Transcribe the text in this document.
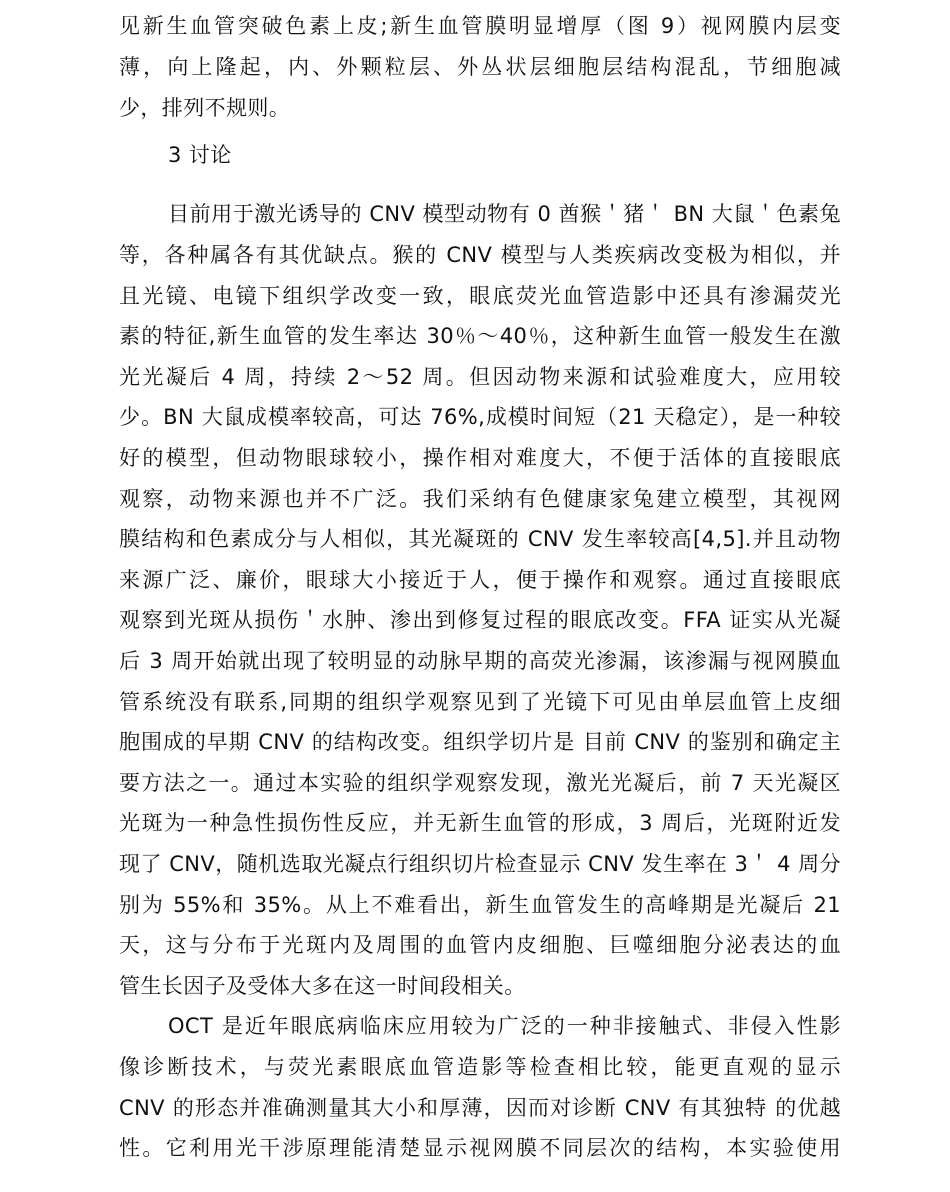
见新生血管突破色素上皮;新生血管膜明显增厚（图 9）视网膜内层变
薄，向上隆起，内、外颗粒层、外丛状层细胞层结构混乱，节细胞减
少，排列不规则。
3 讨论
目前用于激光诱导的 CNV 模型动物有 0 酋猴＇猪＇ BN 大鼠＇色素兔
等，各种属各有其优缺点。猴的 CNV 模型与人类疾病改变极为相似，并
且光镜、电镜下组织学改变一致，眼底荧光血管造影中还具有渗漏荧光
素的特征,新生血管的发生率达 30％〜40％，这种新生血管一般发生在激
光光凝后 4 周，持续 2〜52 周。但因动物来源和试验难度大，应用较
少。BN 大鼠成模率较高，可达 76%,成模时间短（21 天稳定），是一种较
好的模型，但动物眼球较小，操作相对难度大，不便于活体的直接眼底
观察，动物来源也并不广泛。我们采纳有色健康家兔建立模型，其视网
膜结构和色素成分与人相似，其光凝斑的 CNV 发生率较高[4,5].并且动物
来源广泛、廉价，眼球大小接近于人，便于操作和观察。通过直接眼底
观察到光斑从损伤＇水肿、渗出到修复过程的眼底改变。FFA 证实从光凝
后 3 周开始就出现了较明显的动脉早期的高荧光渗漏，该渗漏与视网膜血
管系统没有联系,同期的组织学观察见到了光镜下可见由单层血管上皮细
胞围成的早期 CNV 的结构改变。组织学切片是 目前 CNV 的鉴别和确定主
要方法之一。通过本实验的组织学观察发现，激光光凝后，前 7 天光凝区
光斑为一种急性损伤性反应，并无新生血管的形成，3 周后，光斑附近发
现了 CNV，随机选取光凝点行组织切片检查显示 CNV 发生率在 3＇ 4 周分
别为 55%和 35%。从上不难看出，新生血管发生的高峰期是光凝后 21
天，这与分布于光斑内及周围的血管内皮细胞、巨噬细胞分泌表达的血
管生长因子及受体大多在这一时间段相关。
OCT 是近年眼底病临床应用较为广泛的一种非接触式、非侵入性影
像诊断技术，与荧光素眼底血管造影等检查相比较，能更直观的显示
CNV 的形态并准确测量其大小和厚薄，因而对诊断 CNV 有其独特 的优越
性。它利用光干涉原理能清楚显示视网膜不同层次的结构，本实验使用
